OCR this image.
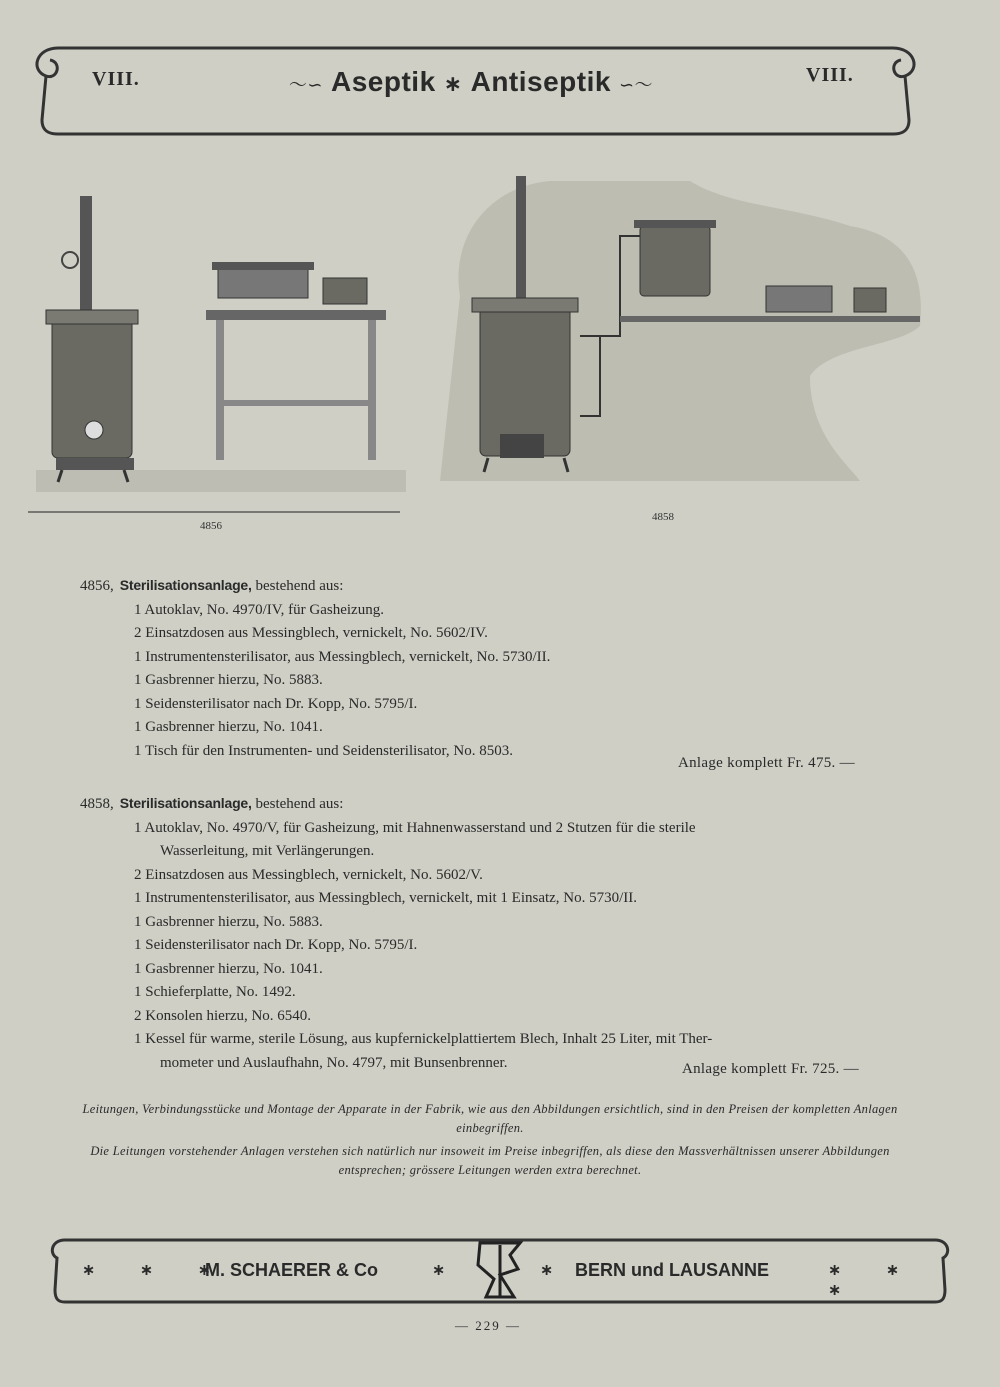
VIII.	VIII.
～∽ Aseptik ∗ Antiseptik ∽～
4856
4858
4856, Sterilisationsanlage, bestehend aus:
1 Autoklav, No. 4970/IV, für Gasheizung.
2 Einsatzdosen aus Messingblech, vernickelt, No. 5602/IV.
1 Instrumentensterilisator, aus Messingblech, vernickelt, No. 5730/II.
1 Gasbrenner hierzu, No. 5883.
1 Seidensterilisator nach Dr. Kopp, No. 5795/I.
1 Gasbrenner hierzu, No. 1041.
1 Tisch für den Instrumenten- und Seidensterilisator, No. 8503.
Anlage komplett Fr. 475. —
4858, Sterilisationsanlage, bestehend aus:
1 Autoklav, No. 4970/V, für Gasheizung, mit Hahnenwasserstand und 2 Stutzen für die sterile
Wasserleitung, mit Verlängerungen.
2 Einsatzdosen aus Messingblech, vernickelt, No. 5602/V.
1 Instrumentensterilisator, aus Messingblech, vernickelt, mit 1 Einsatz, No. 5730/II.
1 Gasbrenner hierzu, No. 5883.
1 Seidensterilisator nach Dr. Kopp, No. 5795/I.
1 Gasbrenner hierzu, No. 1041.
1 Schieferplatte, No. 1492.
2 Konsolen hierzu, No. 6540.
1 Kessel für warme, sterile Lösung, aus kupfernickelplattiertem Blech, Inhalt 25 Liter, mit Ther-
mometer und Auslaufhahn, No. 4797, mit Bunsenbrenner.	Anlage komplett Fr. 725. —

Leitungen, Verbindungsstücke und Montage der Apparate in der Fabrik, wie aus den Abbildungen ersichtlich, sind in den Preisen der kompletten Anlagen einbegriffen.

Die Leitungen vorstehender Anlagen verstehen sich natürlich nur insoweit im Preise inbegriffen, als diese den Massverhältnissen unserer Abbildungen entsprechen; grössere Leitungen werden extra berechnet.

∗ ∗ ∗
M. SCHAERER & Co	∗	∗ BERN und LAUSANNE	∗ ∗ ∗
— 229 —
